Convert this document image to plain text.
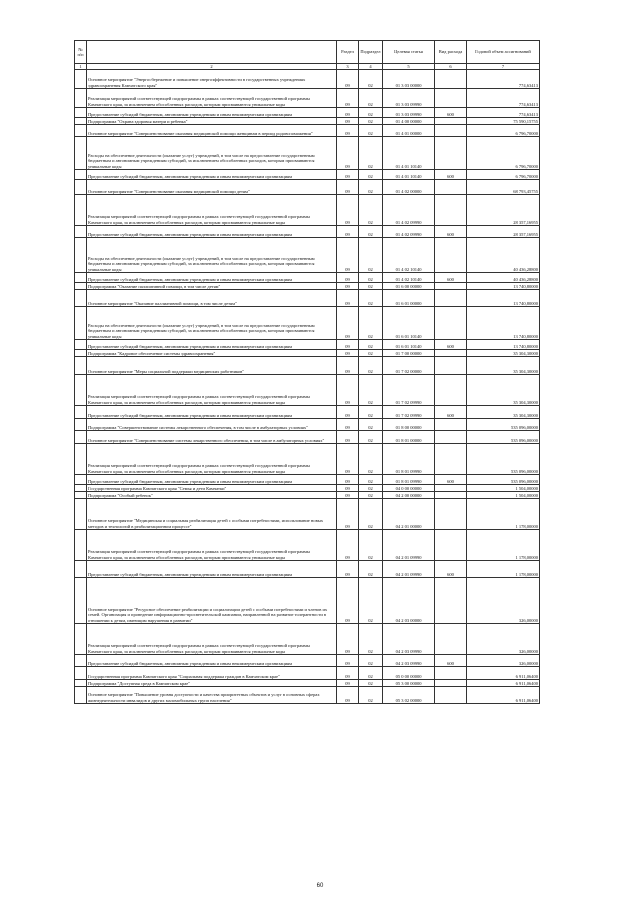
№ п/п		Раздел	Подраздел	Целевая статья	Вид расхода	Годовой объем ассигнований
1	2	3	4	5	6	7
	Основное мероприятие "Энергосбережение и повышение энергоэффективности в государственных учреждениях здравоохранения Камчатского края"	09	02	01 3 03 00000		774,63413
	Реализация мероприятий соответствующей подпрограммы в рамках соответствующей государственной программы Камчатского края, за исключением обособленных расходов, которым присваиваются уникальные коды	09	02	01 3 03 09990		774,63413
	Предоставление субсидий бюджетным, автономным учреждениям и иным некоммерческим организациям	09	02	01 3 03 09990	600	774,63413
	Подпрограмма "Охрана здоровья матери и ребенка"	09	02	01 4 00 00000		75 590,15755
	Основное мероприятие "Совершенствование оказания медицинской помощи женщинам в период родовспоможения"	09	02	01 4 01 00000		6 796,70000
	Расходы на обеспечение деятельности (оказание услуг) учреждений, в том числе на предоставление государственным бюджетным и автономным учреждениям субсидий, за исключением обособленных расходов, которым присваиваются уникальные коды	09	02	01 4 01 10140		6 796,70000
	Предоставление субсидий бюджетным, автономным учреждениям и иным некоммерческим организациям	09	02	01 4 01 10140	600	6 796,70000
	Основное мероприятие "Совершенствование оказания медицинской помощи детям"	09	02	01 4 02 00000		68 793,45755
	Реализация мероприятий соответствующей подпрограммы в рамках соответствующей государственной программы Камчатского края, за исключением обособленных расходов, которым присваиваются уникальные коды	09	02	01 4 02 09990		28 357,16955
	Предоставление субсидий бюджетным, автономным учреждениям и иным некоммерческим организациям	09	02	01 4 02 09990	600	28 357,16955
	Расходы на обеспечение деятельности (оказание услуг) учреждений, в том числе на предоставление государственным бюджетным и автономным учреждениям субсидий, за исключением обособленных расходов, которым присваиваются уникальные коды	09	02	01 4 02 10140		40 436,28800
	Предоставление субсидий бюджетным, автономным учреждениям и иным некоммерческим организациям	09	02	01 4 02 10140	600	40 436,28800
	Подпрограмма "Оказание паллиативной помощи, в том числе детям"	09	02	01 6 00 00000		13 740,80000
	Основное мероприятие "Оказание паллиативной помощи, в том числе детям"	09	02	01 6 01 00000		13 740,80000
	Расходы на обеспечение деятельности (оказание услуг) учреждений, в том числе на предоставление государственным бюджетным и автономным учреждениям субсидий, за исключением обособленных расходов, которым присваиваются уникальные коды	09	02	01 6 01 10140		13 740,80000
	Предоставление субсидий бюджетным, автономным учреждениям и иным некоммерческим организациям	09	02	01 6 01 10140	600	13 740,80000
	Подпрограмма "Кадровое обеспечение системы здравоохранения"	09	02	01 7 00 00000		35 304,30000
	Основное мероприятие "Меры социальной поддержки медицинских работников"	09	02	01 7 02 00000		35 304,30000
	Реализация мероприятий соответствующей подпрограммы в рамках соответствующей государственной программы Камчатского края, за исключением обособленных расходов, которым присваиваются уникальные коды	09	02	01 7 02 09990		35 304,30000
	Предоставление субсидий бюджетным, автономным учреждениям и иным некоммерческим организациям	09	02	01 7 02 09990	600	35 304,30000
	Подпрограмма "Совершенствование системы лекарственного обеспечения, в том числе в амбулаторных условиях"	09	02	01 8 00 00000		535 096,00000
	Основное мероприятие "Совершенствование системы лекарственного обеспечения, в том числе в амбулаторных условиях"	09	02	01 8 01 00000		535 096,00000
	Реализация мероприятий соответствующей подпрограммы в рамках соответствующей государственной программы Камчатского края, за исключением обособленных расходов, которым присваиваются уникальные коды	09	02	01 8 01 09990		535 096,00000
	Предоставление субсидий бюджетным, автономным учреждениям и иным некоммерческим организациям	09	02	01 8 01 09990	600	535 096,00000
	Государственная программа Камчатского края "Семья и дети Камчатки"	09	02	04 0 00 00000		1 504,00000
	Подпрограмма "Особый ребенок"	09	02	04 2 00 00000		1 504,00000
	Основное мероприятие "Медицинская и социальная реабилитация детей с особыми потребностями, использование новых методов и технологий в реабилитационном процессе"	09	02	04 2 01 00000		1 178,00000
	Реализация мероприятий соответствующей подпрограммы в рамках соответствующей государственной программы Камчатского края, за исключением обособленных расходов, которым присваиваются уникальные коды	09	02	04 2 01 09990		1 178,00000
	Предоставление субсидий бюджетным, автономным учреждениям и иным некоммерческим организациям	09	02	04 2 01 09990	600	1 178,00000
	Основное мероприятие "Ресурсное обеспечение реабилитации и социализации детей с особыми потребностями и членов их семей. Организация и проведение информационно-просветительской кампании, направленной на развитие толерантности в отношении к детям, имеющим нарушения в развитии"	09	02	04 2 03 00000		326,00000
	Реализация мероприятий соответствующей подпрограммы в рамках соответствующей государственной программы Камчатского края, за исключением обособленных расходов, которым присваиваются уникальные коды	09	02	04 2 03 09990		326,00000
	Предоставление субсидий бюджетным, автономным учреждениям и иным некоммерческим организациям	09	02	04 2 03 09990	600	326,00000
	Государственная программа Камчатского края "Социальная поддержка граждан в Камчатском крае"	09	02	05 0 00 00000		6 911,06400
	Подпрограмма "Доступная среда в Камчатском крае"	09	02	05 3 00 00000		6 911,06400
	Основное мероприятие "Повышение уровня доступности и качества приоритетных объектов и услуг в основных сферах жизнедеятельности инвалидов и других маломобильных групп населения"	09	02	05 3 02 00000		6 911,06400
60
